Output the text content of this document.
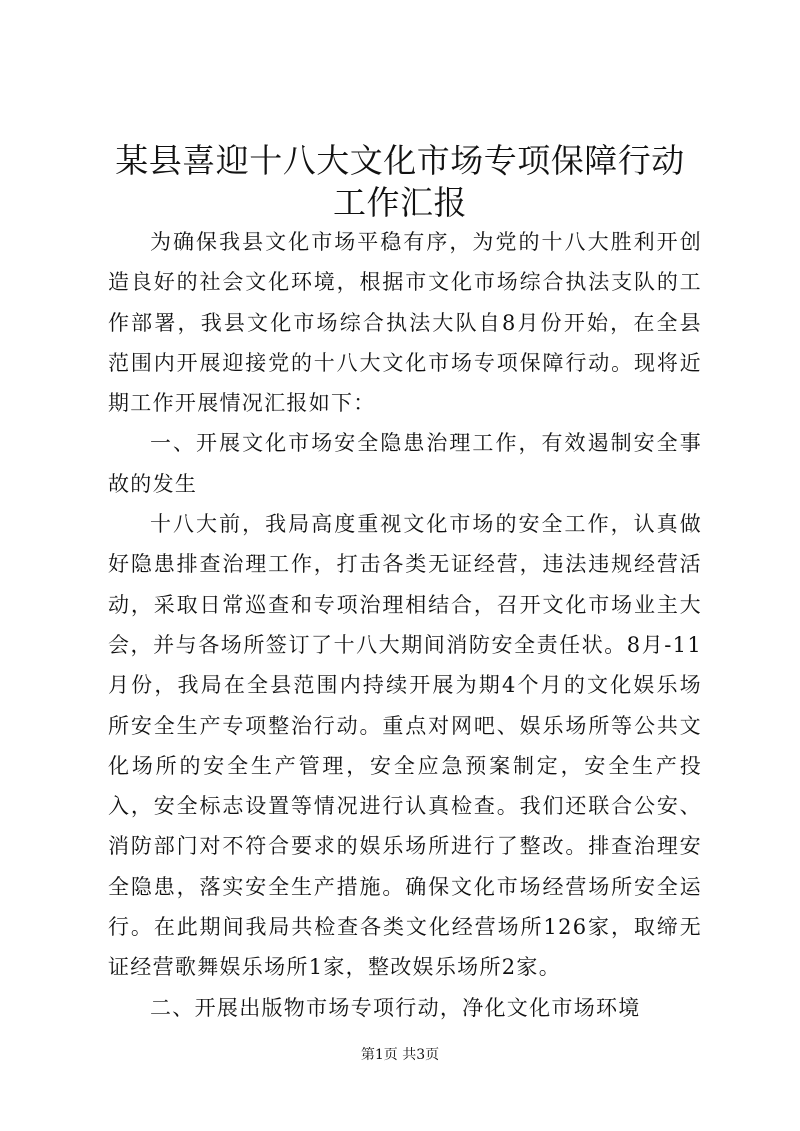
某县喜迎十八大文化市场专项保障行动工作汇报

为确保我县文化市场平稳有序，为党的十八大胜利开创造良好的社会文化环境，根据市文化市场综合执法支队的工作部署，我县文化市场综合执法大队自8月份开始，在全县范围内开展迎接党的十八大文化市场专项保障行动。现将近期工作开展情况汇报如下：

一、开展文化市场安全隐患治理工作，有效遏制安全事故的发生

十八大前，我局高度重视文化市场的安全工作，认真做好隐患排查治理工作，打击各类无证经营，违法违规经营活动，采取日常巡查和专项治理相结合，召开文化市场业主大会，并与各场所签订了十八大期间消防安全责任状。8月-11月份，我局在全县范围内持续开展为期4个月的文化娱乐场所安全生产专项整治行动。重点对网吧、娱乐场所等公共文化场所的安全生产管理，安全应急预案制定，安全生产投入，安全标志设置等情况进行认真检查。我们还联合公安、消防部门对不符合要求的娱乐场所进行了整改。排查治理安全隐患，落实安全生产措施。确保文化市场经营场所安全运行。在此期间我局共检查各类文化经营场所126家，取缔无证经营歌舞娱乐场所1家，整改娱乐场所2家。

二、开展出版物市场专项行动，净化文化市场环境

第1页 共3页
